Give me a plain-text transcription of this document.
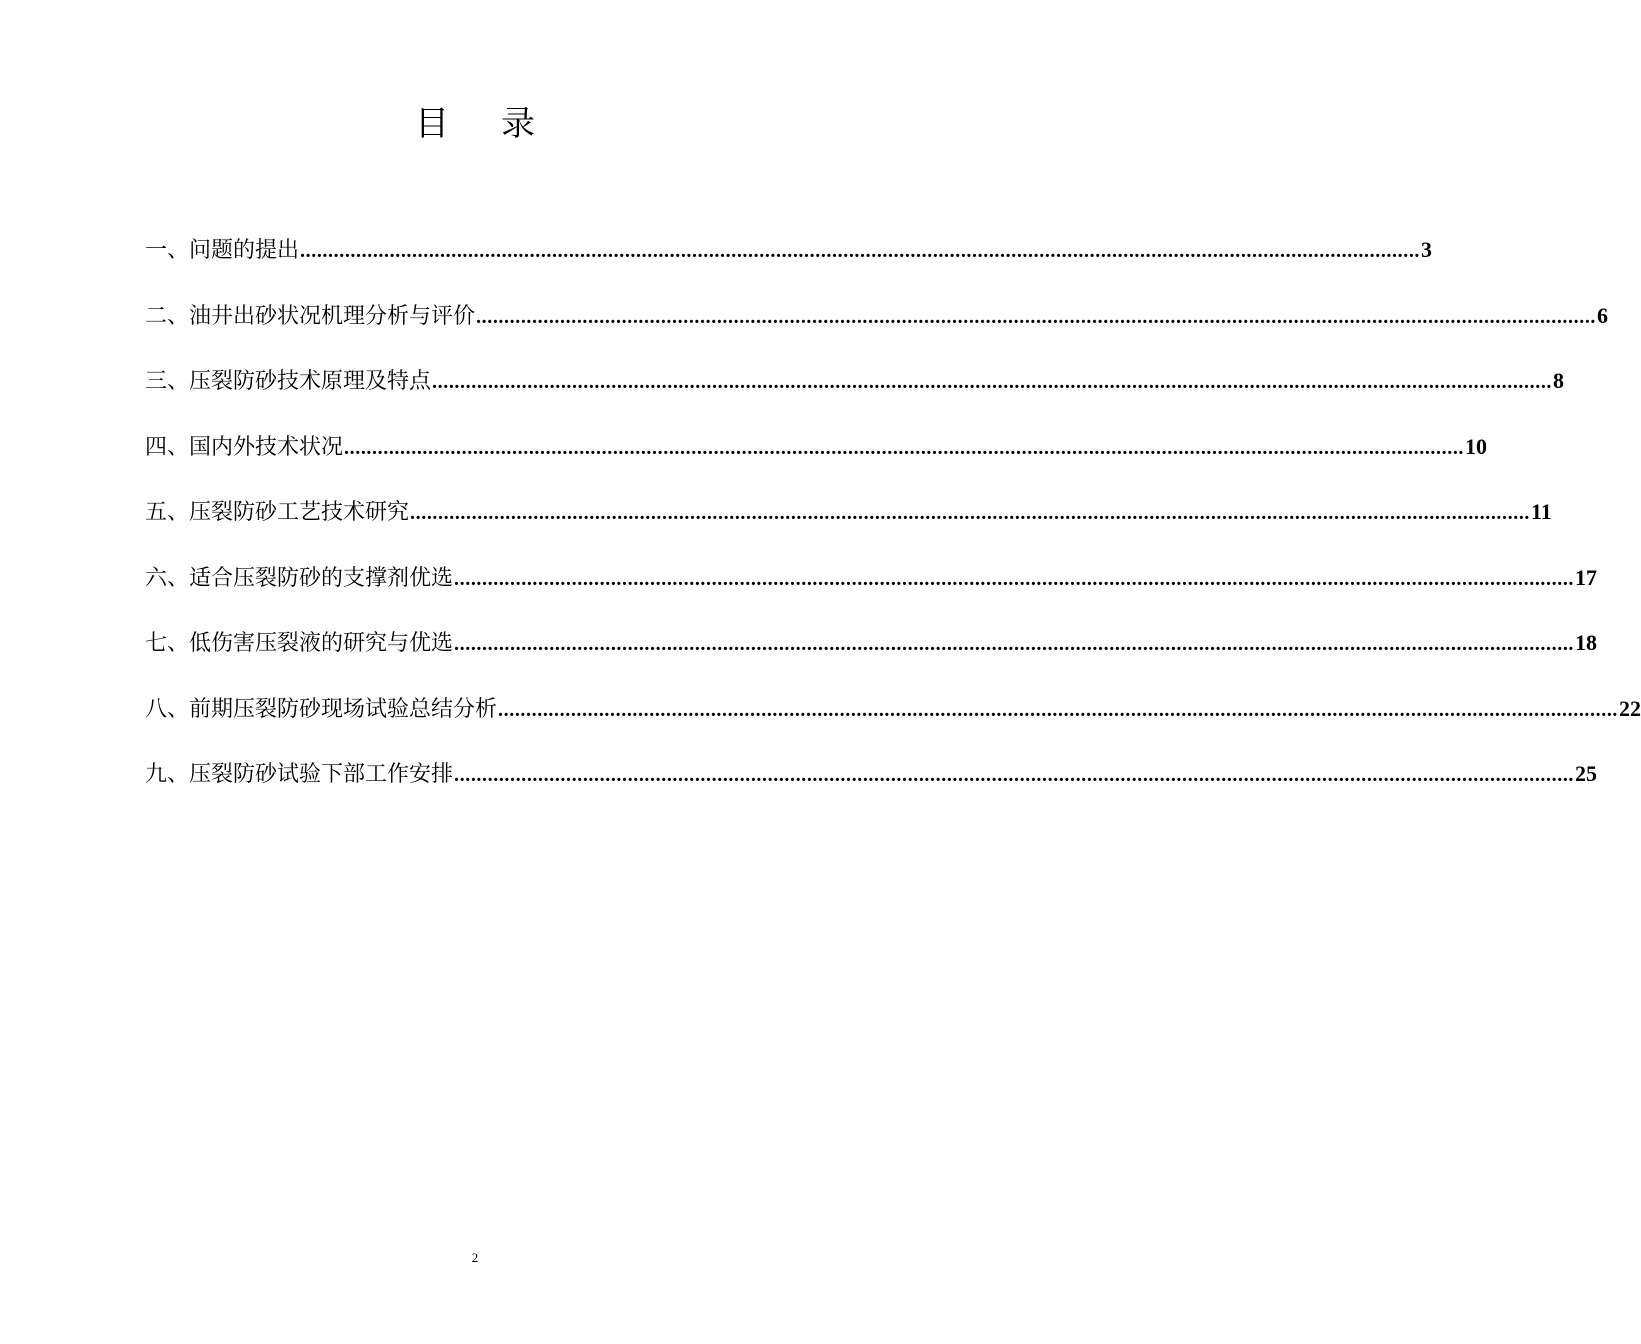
目录
一、问题的提出 ........................................................................................................................................................................................................ 3
二、油井出砂状况机理分析与评价 ........................................................................................................................................................................................................ 6
三、压裂防砂技术原理及特点 ........................................................................................................................................................................................................ 8
四、国内外技术状况 ........................................................................................................................................................................................................ 10
五、压裂防砂工艺技术研究 ........................................................................................................................................................................................................ 11
六、适合压裂防砂的支撑剂优选 ........................................................................................................................................................................................................ 17
七、低伤害压裂液的研究与优选 ........................................................................................................................................................................................................ 18
八、前期压裂防砂现场试验总结分析 ........................................................................................................................................................................................................ 22
九、压裂防砂试验下部工作安排 ........................................................................................................................................................................................................ 25
2
